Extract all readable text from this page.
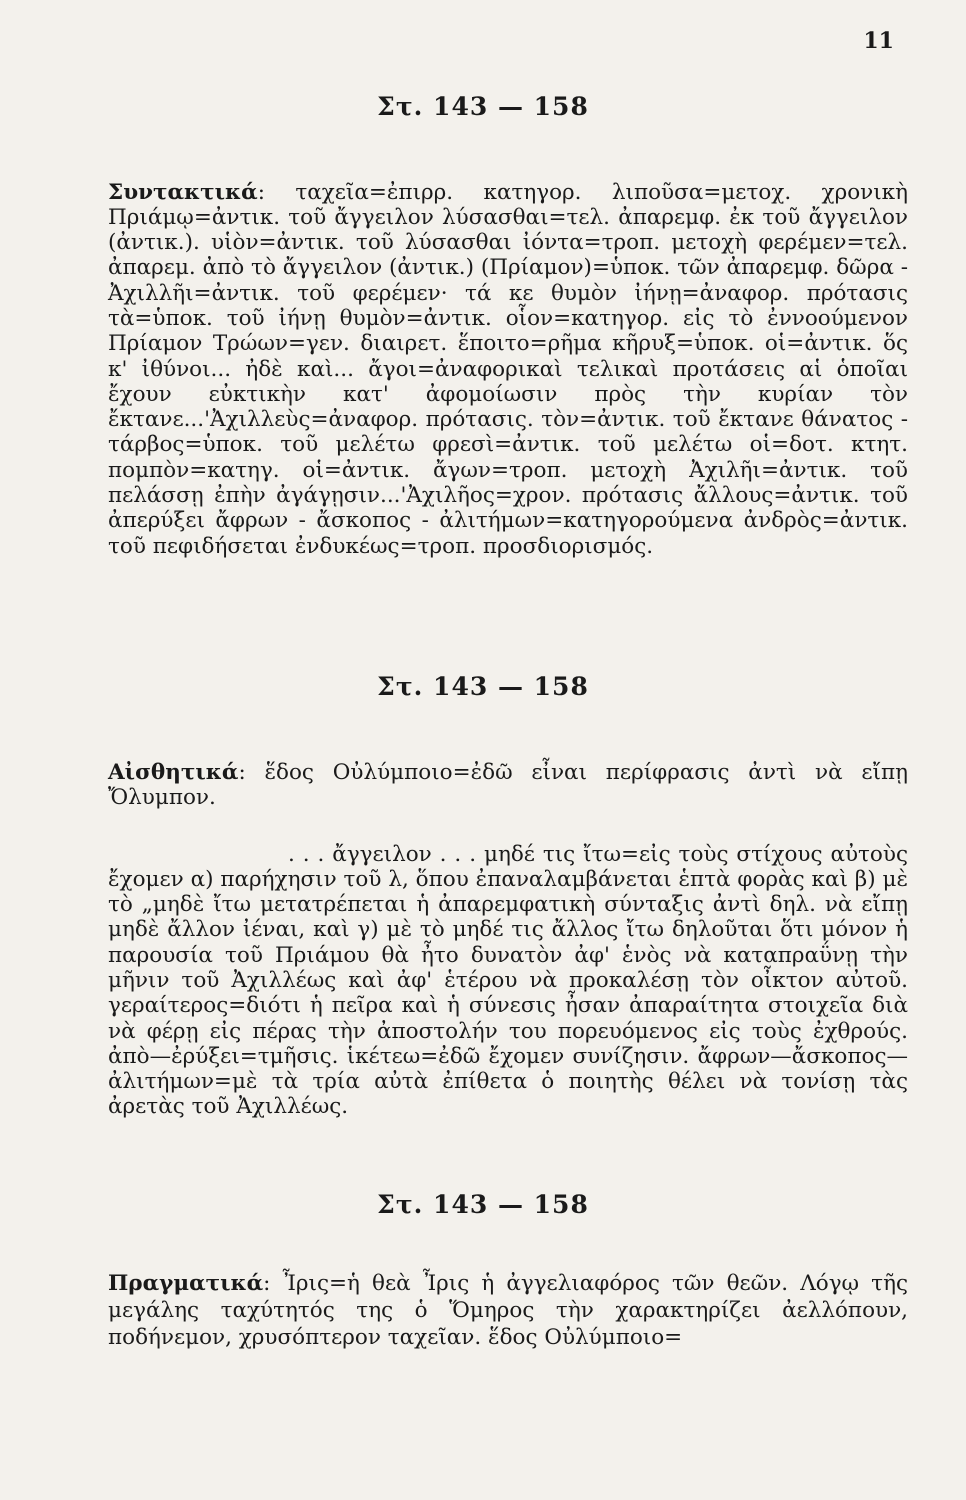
11
Στ. 143 — 158

Συντακτικά: ταχεῖα=ἐπιρρ. κατηγορ. λιποῦσα=μετοχ. χρονικὴ Πριάμῳ=ἀντικ. τοῦ ἄγγειλον λύσασθαι=τελ. ἀπαρεμφ. ἐκ τοῦ ἄγγειλον (ἀντικ.). υἱὸν=ἀντικ. τοῦ λύσασθαι ἰόντα=τροπ. μετοχὴ φερέμεν=τελ. ἀπαρεμ. ἀπὸ τὸ ἄγγειλον (ἀντικ.) (Πρίαμον)=ὑποκ. τῶν ἀπαρεμφ. δῶρα - Ἀχιλλῆι=ἀντικ. τοῦ φερέμεν· τά κε θυμὸν ἰήνῃ=ἀναφορ. πρότασις τὰ=ὑποκ. τοῦ ἰήνῃ θυμὸν=ἀντικ. οἷον=κατηγορ. εἰς τὸ ἐννοούμενον Πρίαμον Τρώων=γεν. διαιρετ. ἕποιτο=ρῆμα κῆρυξ=ὑποκ. οἱ=ἀντικ. ὅς κ' ἰθύνοι... ἠδὲ καὶ... ἄγοι=ἀναφορικαὶ τελικαὶ προτάσεις αἱ ὁποῖαι ἔχουν εὐκτικὴν κατ' ἀφομοίωσιν πρὸς τὴν κυρίαν τὸν ἔκτανε...'Ἀχιλλεὺς=ἀναφορ. πρότασις. τὸν=ἀντικ. τοῦ ἔκτανε θάνατος - τάρβος=ὑποκ. τοῦ μελέτω φρεσὶ=ἀντικ. τοῦ μελέτω οἱ=δοτ. κτητ. πομπὸν=κατηγ. οἱ=ἀντικ. ἄγων=τροπ. μετοχὴ Ἀχιλῆι=ἀντικ. τοῦ πελάσσῃ ἐπὴν ἀγάγῃσιν...'Ἀχιλῆος=χρον. πρότασις ἄλλους=ἀντικ. τοῦ ἀπερύξει ἄφρων - ἄσκοπος - ἀλιτήμων=κατηγορούμενα ἀνδρὸς=ἀντικ. τοῦ πεφιδήσεται ἐνδυκέως=τροπ. προσδιορισμός.

Στ. 143 — 158

Αἰσθητικά: ἕδος Οὐλύμποιο=ἐδῶ εἶναι περίφρασις ἀντὶ νὰ εἴπῃ Ὄλυμπον.

. . . ἄγγειλον . . . μηδέ τις ἴτω=εἰς τοὺς στίχους αὐτοὺς ἔχομεν α) παρήχησιν τοῦ λ, ὅπου ἐπαναλαμβάνεται ἑπτὰ φορὰς καὶ β) μὲ τὸ „μηδὲ ἴτω μετατρέπεται ἡ ἀπαρεμφατικὴ σύνταξις ἀντὶ δηλ. νὰ εἴπῃ μηδὲ ἄλλον ἰέναι, καὶ γ) μὲ τὸ μηδέ τις ἄλλος ἴτω δηλοῦται ὅτι μόνον ἡ παρουσία τοῦ Πριάμου θὰ ἦτο δυνατὸν ἀφ' ἑνὸς νὰ καταπραΰνῃ τὴν μῆνιν τοῦ Ἀχιλλέως καὶ ἀφ' ἑτέρου νὰ προκαλέσῃ τὸν οἶκτον αὐτοῦ. γεραίτερος=διότι ἡ πεῖρα καὶ ἡ σύνεσις ἦσαν ἀπαραίτητα στοιχεῖα διὰ νὰ φέρῃ εἰς πέρας τὴν ἀποστολήν του πορευόμενος εἰς τοὺς ἐχθρούς. ἀπὸ—ἐρύξει=τμῆσις. ἱκέτεω=ἐδῶ ἔχομεν συνίζησιν. ἄφρων—ἄσκοπος—ἀλιτήμων=μὲ τὰ τρία αὐτὰ ἐπίθετα ὁ ποιητὴς θέλει νὰ τονίσῃ τὰς ἀρετὰς τοῦ Ἀχιλλέως.

Στ. 143 — 158

Πραγματικά: Ἶρις=ἡ θεὰ Ἶρις ἡ ἀγγελιαφόρος τῶν θεῶν. Λόγῳ τῆς μεγάλης ταχύτητός της ὁ Ὅμηρος τὴν χαρακτηρίζει ἀελλόπουν, ποδήνεμον, χρυσόπτερον ταχεῖαν. ἕδος Οὐλύμποιο=
